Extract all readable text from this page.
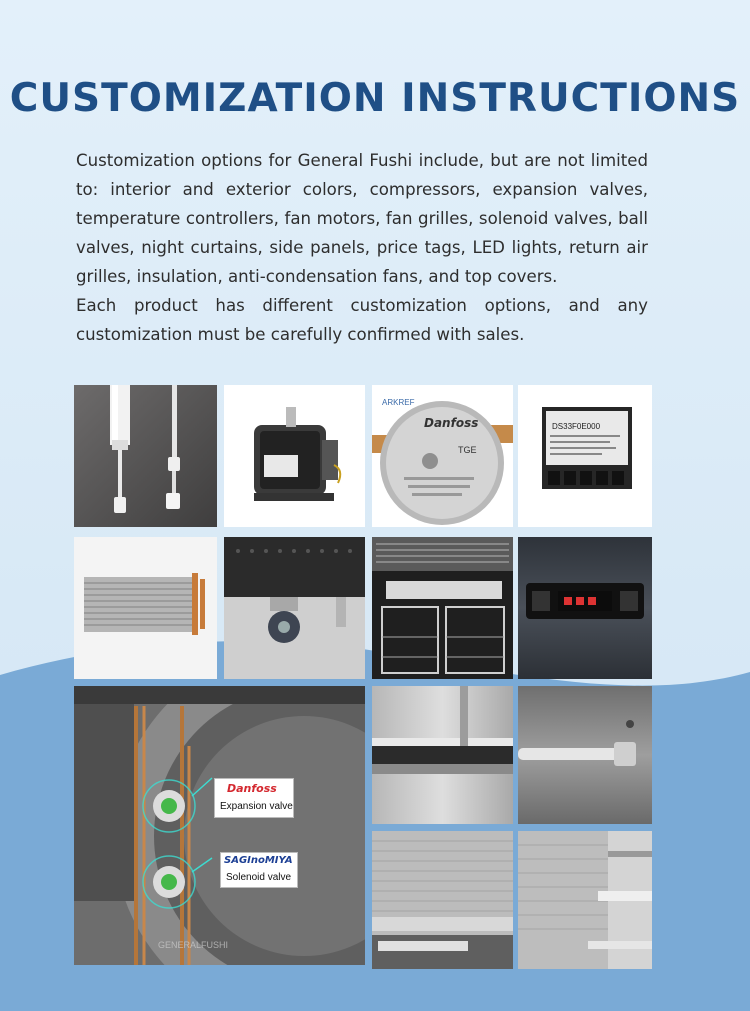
CUSTOMIZATION INSTRUCTIONS

Customization options for General Fushi include, but are not limited to: interior and exterior colors, compressors, expansion valves, temperature controllers, fan motors, fan grilles, solenoid valves, ball valves, night curtains, side panels, price tags, LED lights, return air grilles, insulation, anti-condensation fans, and top covers.

Each product has different customization options, and any customization must be carefully confirmed with sales.

ARKREF
Danfoss
TGE
DS33F0E000
GENERALFUSHI
Danfoss
Expansion valve
SAGInoMIYA
Solenoid valve
